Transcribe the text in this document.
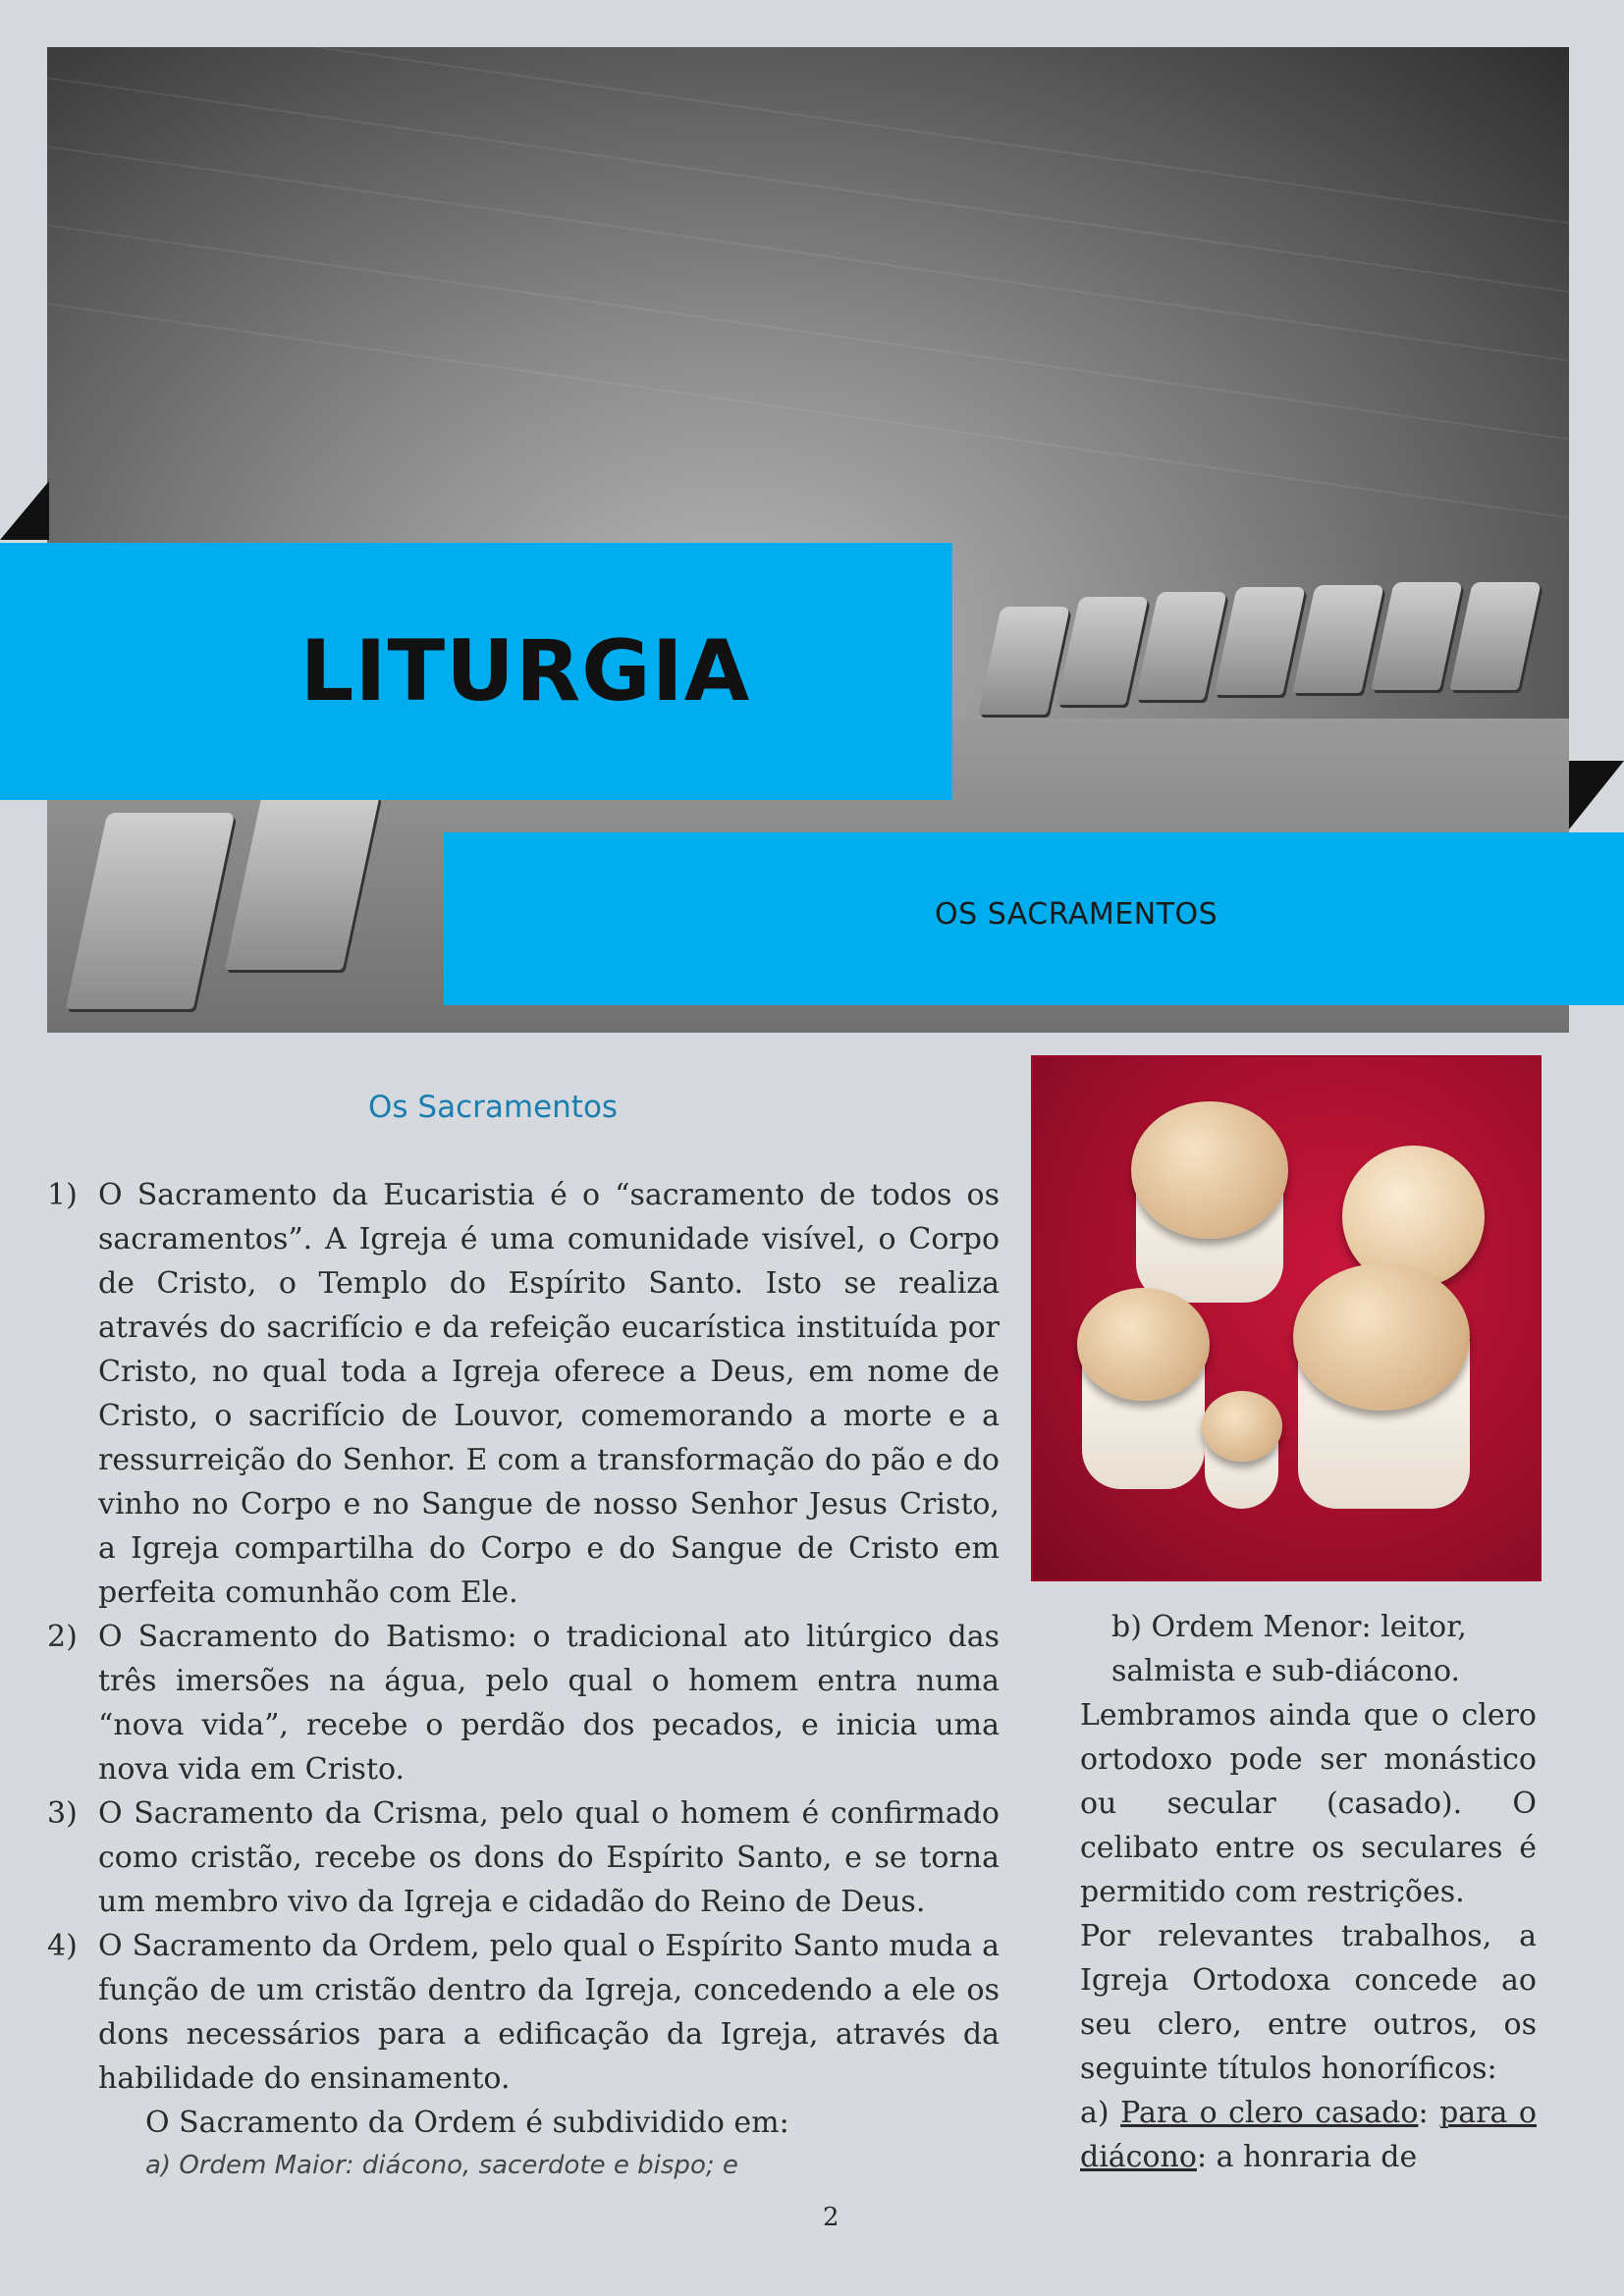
LITURGIA
OS SACRAMENTOS
Os Sacramentos
1) O Sacramento da Eucaristia é o “sacramento de todos os sacramentos”. A Igreja é uma comunidade visível, o Corpo de Cristo, o Templo do Espírito Santo. Isto se realiza através do sacrifício e da refeição eucarística instituída por Cristo, no qual toda a Igreja oferece a Deus, em nome de Cristo, o sacrifício de Louvor, comemorando a morte e a ressurreição do Senhor. E com a transformação do pão e do vinho no Corpo e no Sangue de nosso Senhor Jesus Cristo, a Igreja compartilha do Corpo e do Sangue de Cristo em perfeita comunhão com Ele.
2) O Sacramento do Batismo: o tradicional ato litúrgico das três imersões na água, pelo qual o homem entra numa “nova vida”, recebe o perdão dos pecados, e inicia uma nova vida em Cristo.
3) O Sacramento da Crisma, pelo qual o homem é confirmado como cristão, recebe os dons do Espírito Santo, e se torna um membro vivo da Igreja e cidadão do Reino de Deus.
4) O Sacramento da Ordem, pelo qual o Espírito Santo muda a função de um cristão dentro da Igreja, concedendo a ele os dons necessários para a edificação da Igreja, através da habilidade do ensinamento.

O Sacramento da Ordem é subdividido em:

a) Ordem Maior: diácono, sacerdote e bispo; e

b) Ordem Menor: leitor,

salmista e sub-diácono.

Lembramos ainda que o clero ortodoxo pode ser monástico ou secular (casado). O celibato entre os seculares é permitido com restrições.

Por relevantes trabalhos, a Igreja Ortodoxa concede ao seu clero, entre outros, os seguinte títulos honoríficos:

a) Para o clero casado: para o diácono: a honraria de

2
